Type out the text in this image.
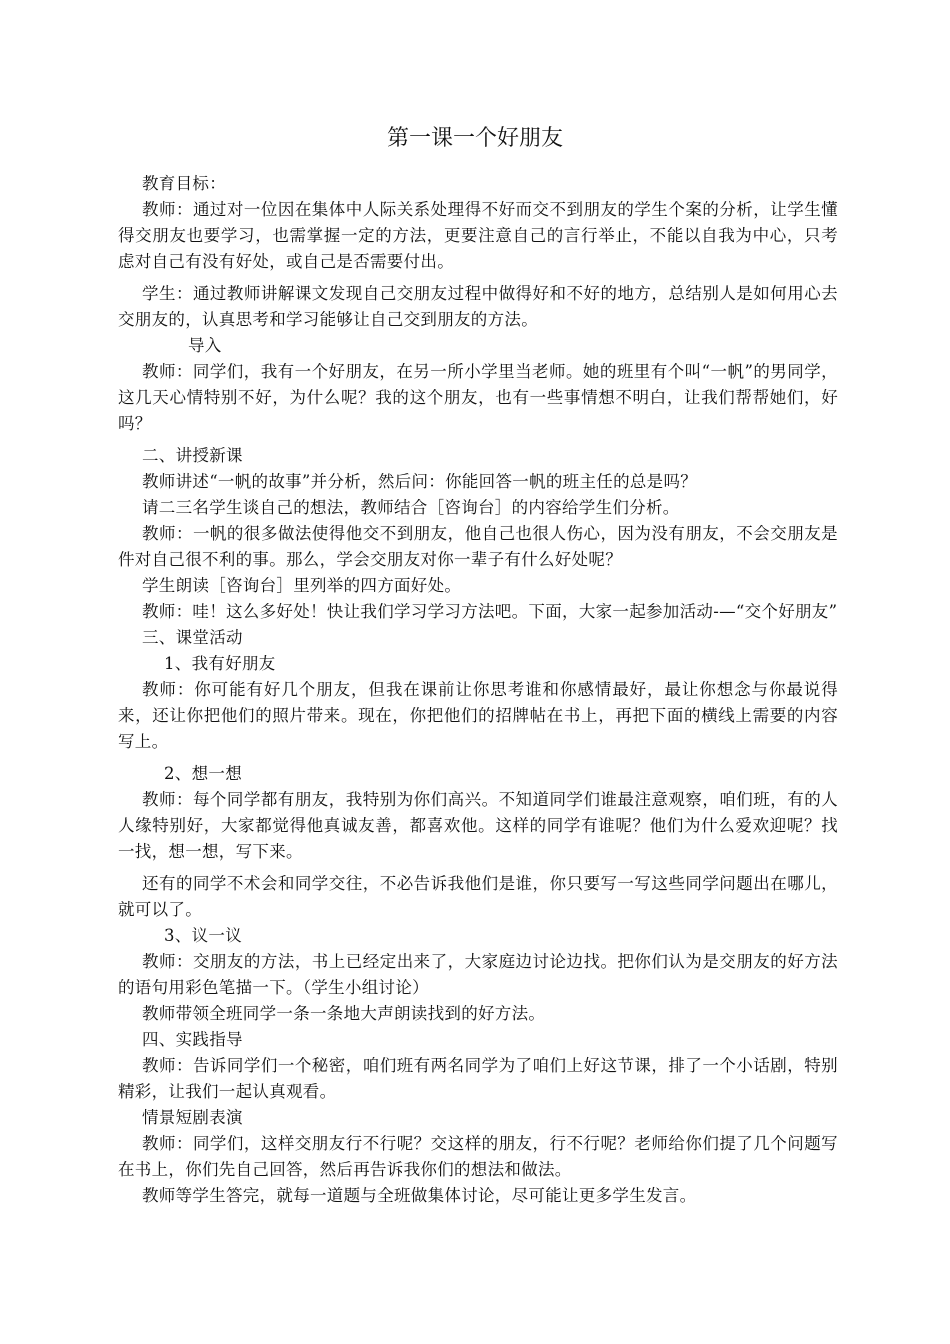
第一课一个好朋友

教育目标：

教师：通过对一位因在集体中人际关系处理得不好而交不到朋友的学生个案的分析，让学生懂得交朋友也要学习，也需掌握一定的方法，更要注意自己的言行举止，不能以自我为中心，只考虑对自己有没有好处，或自己是否需要付出。

学生：通过教师讲解课文发现自己交朋友过程中做得好和不好的地方，总结别人是如何用心去交朋友的，认真思考和学习能够让自己交到朋友的方法。

导入

教师：同学们，我有一个好朋友，在另一所小学里当老师。她的班里有个叫“一帆”的男同学，这几天心情特别不好，为什么呢？我的这个朋友，也有一些事情想不明白，让我们帮帮她们，好吗？

二、讲授新课

教师讲述“一帆的故事”并分析，然后问：你能回答一帆的班主任的总是吗？

请二三名学生谈自己的想法，教师结合［咨询台］的内容给学生们分析。

教师：一帆的很多做法使得他交不到朋友，他自己也很人伤心，因为没有朋友，不会交朋友是件对自己很不利的事。那么，学会交朋友对你一辈子有什么好处呢？

学生朗读［咨询台］里列举的四方面好处。

教师：哇！这么多好处！快让我们学习学习方法吧。下面，大家一起参加活动-—“交个好朋友”

三、课堂活动

1、我有好朋友

教师：你可能有好几个朋友，但我在课前让你思考谁和你感情最好，最让你想念与你最说得来，还让你把他们的照片带来。现在，你把他们的招牌帖在书上，再把下面的横线上需要的内容写上。

2、想一想

教师：每个同学都有朋友，我特别为你们高兴。不知道同学们谁最注意观察，咱们班，有的人人缘特别好，大家都觉得他真诚友善，都喜欢他。这样的同学有谁呢？他们为什么爱欢迎呢？找一找，想一想，写下来。

还有的同学不术会和同学交往，不必告诉我他们是谁，你只要写一写这些同学问题出在哪儿，就可以了。

3、议一议

教师：交朋友的方法，书上已经定出来了，大家庭边讨论边找。把你们认为是交朋友的好方法的语句用彩色笔描一下。（学生小组讨论）

教师带领全班同学一条一条地大声朗读找到的好方法。

四、实践指导

教师：告诉同学们一个秘密，咱们班有两名同学为了咱们上好这节课，排了一个小话剧，特别精彩，让我们一起认真观看。

情景短剧表演

教师：同学们，这样交朋友行不行呢？交这样的朋友，行不行呢？老师给你们提了几个问题写在书上，你们先自己回答，然后再告诉我你们的想法和做法。

教师等学生答完，就每一道题与全班做集体讨论，尽可能让更多学生发言。
